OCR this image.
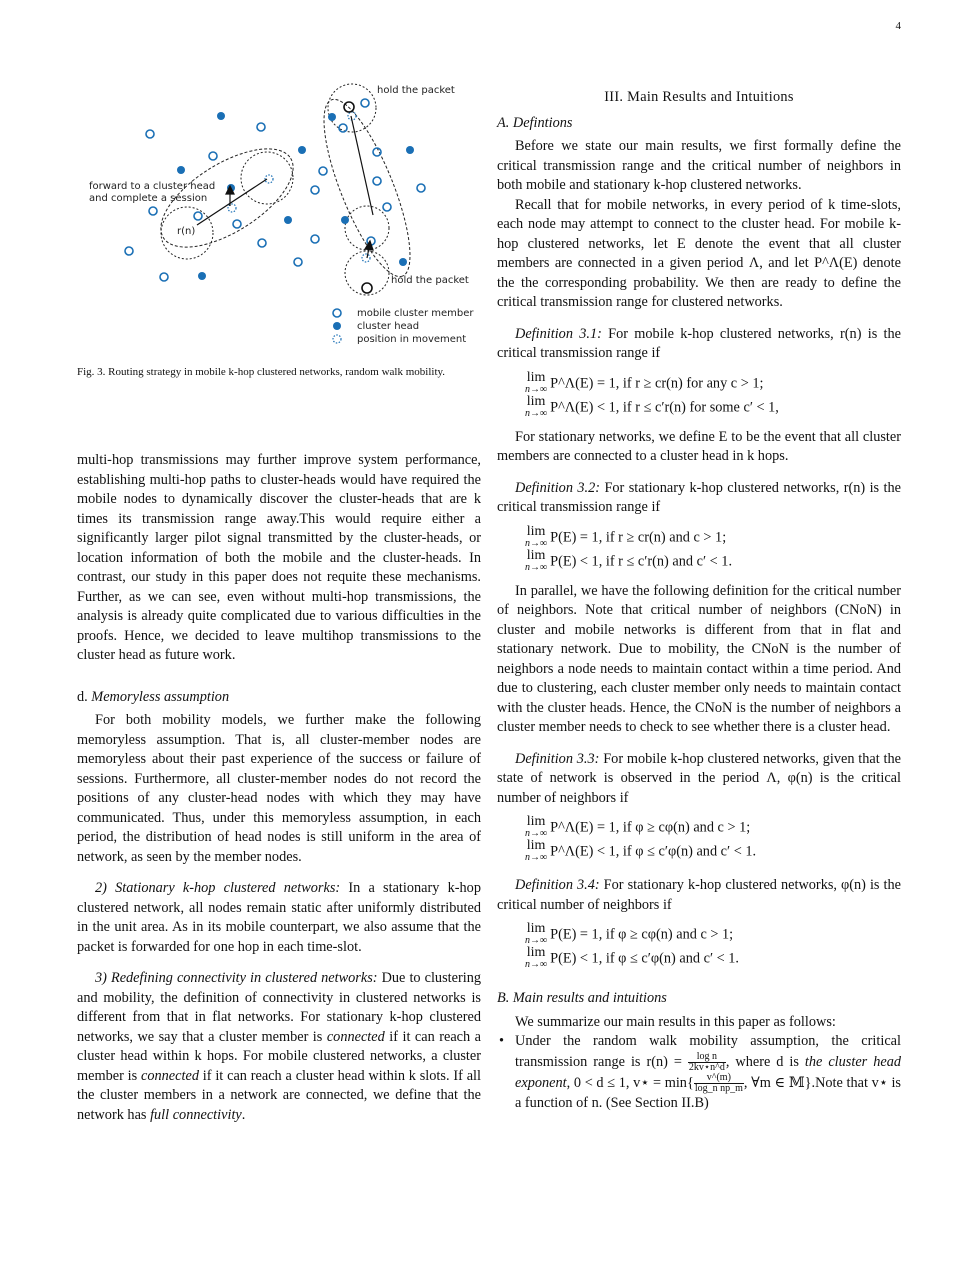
4
hold the packet
forward to a cluster head
and complete a session
r(n)
hold the packet
mobile cluster member
cluster head
position in movement
Fig. 3. Routing strategy in mobile k-hop clustered networks, random walk mobility.

multi-hop transmissions may further improve system performance, establishing multi-hop paths to cluster-heads would have required the mobile nodes to dynamically discover the cluster-heads that are k times its transmission range away.This would require either a significantly larger pilot signal transmitted by the cluster-heads, or location information of both the mobile and the cluster-heads. In contrast, our study in this paper does not requite these mechanisms. Further, as we can see, even without multi-hop transmissions, the analysis is already quite complicated due to various difficulties in the proofs. Hence, we decided to leave multihop transmissions to the cluster head as future work.

d. Memoryless assumption

For both mobility models, we further make the following memoryless assumption. That is, all cluster-member nodes are memoryless about their past experience of the success or failure of sessions. Furthermore, all cluster-member nodes do not record the positions of any cluster-head nodes with which they may have communicated. Thus, under this memoryless assumption, in each period, the distribution of head nodes is still uniform in the area of network, as seen by the member nodes.

2) Stationary k-hop clustered networks: In a stationary k-hop clustered network, all nodes remain static after uniformly distributed in the unit area. As in its mobile counterpart, we also assume that the packet is forwarded for one hop in each time-slot.

3) Redefining connectivity in clustered networks: Due to clustering and mobility, the definition of connectivity in clustered networks is different from that in flat networks. For stationary k-hop clustered networks, we say that a cluster member is connected if it can reach a cluster head within k hops. For mobile clustered networks, a cluster member is connected if it can reach a cluster head within k slots. If all the cluster members in a network are connected, we define that the network has full connectivity.

III. Main Results and Intuitions
A. Defintions

Before we state our main results, we first formally define the critical transmission range and the critical number of neighbors in both mobile and stationary k-hop clustered networks.

Recall that for mobile networks, in every period of k time-slots, each node may attempt to connect to the cluster head. For mobile k-hop clustered networks, let E denote the event that all cluster members are connected in a given period Λ, and let P^Λ(E) denote the the corresponding probability. We then are ready to define the critical transmission range for clustered networks.

Definition 3.1: For mobile k-hop clustered networks, r(n) is the critical transmission range if

lim
n→∞ P^Λ(E) = 1, if r ≥ cr(n) for any c > 1;
lim
n→∞ P^Λ(E) < 1, if r ≤ c′r(n) for some c′ < 1,

For stationary networks, we define E to be the event that all cluster members are connected to a cluster head in k hops.

Definition 3.2: For stationary k-hop clustered networks, r(n) is the critical transmission range if

lim
n→∞ P(E) = 1, if r ≥ cr(n) and c > 1;
lim
n→∞ P(E) < 1, if r ≤ c′r(n) and c′ < 1.

In parallel, we have the following definition for the critical number of neighbors. Note that critical number of neighbors (CNoN) in cluster and mobile networks is different from that in flat and stationary network. Due to mobility, the CNoN is the number of neighbors a node needs to maintain contact within a time period. And due to clustering, each cluster member only needs to maintain contact with the cluster heads. Hence, the CNoN is the number of neighbors a cluster member needs to check to see whether there is a cluster head.

Definition 3.3: For mobile k-hop clustered networks, given that the state of network is observed in the period Λ, φ(n) is the critical number of neighbors if

lim
n→∞ P^Λ(E) = 1, if φ ≥ cφ(n) and c > 1;
lim
n→∞ P^Λ(E) < 1, if φ ≤ c′φ(n) and c′ < 1.

Definition 3.4: For stationary k-hop clustered networks, φ(n) is the critical number of neighbors if

lim
n→∞ P(E) = 1, if φ ≥ cφ(n) and c > 1;
lim
n→∞ P(E) < 1, if φ ≤ c′φ(n) and c′ < 1.
B. Main results and intuitions

We summarize our main results in this paper as follows:

• Under the random walk mobility assumption, the critical transmission range is $r(n) = \frac{\text{log n}}{2kv⋆n\^{}d}$ , where d is the cluster head exponent, 0 < d ≤ 1, v⋆ = $\min\{ \frac{v\^{}(m)}{\text{log\_n np\_m}}$ , ∀m ∈ 𝕄}.Note that v⋆ is a function of n. (See Section II.B)
